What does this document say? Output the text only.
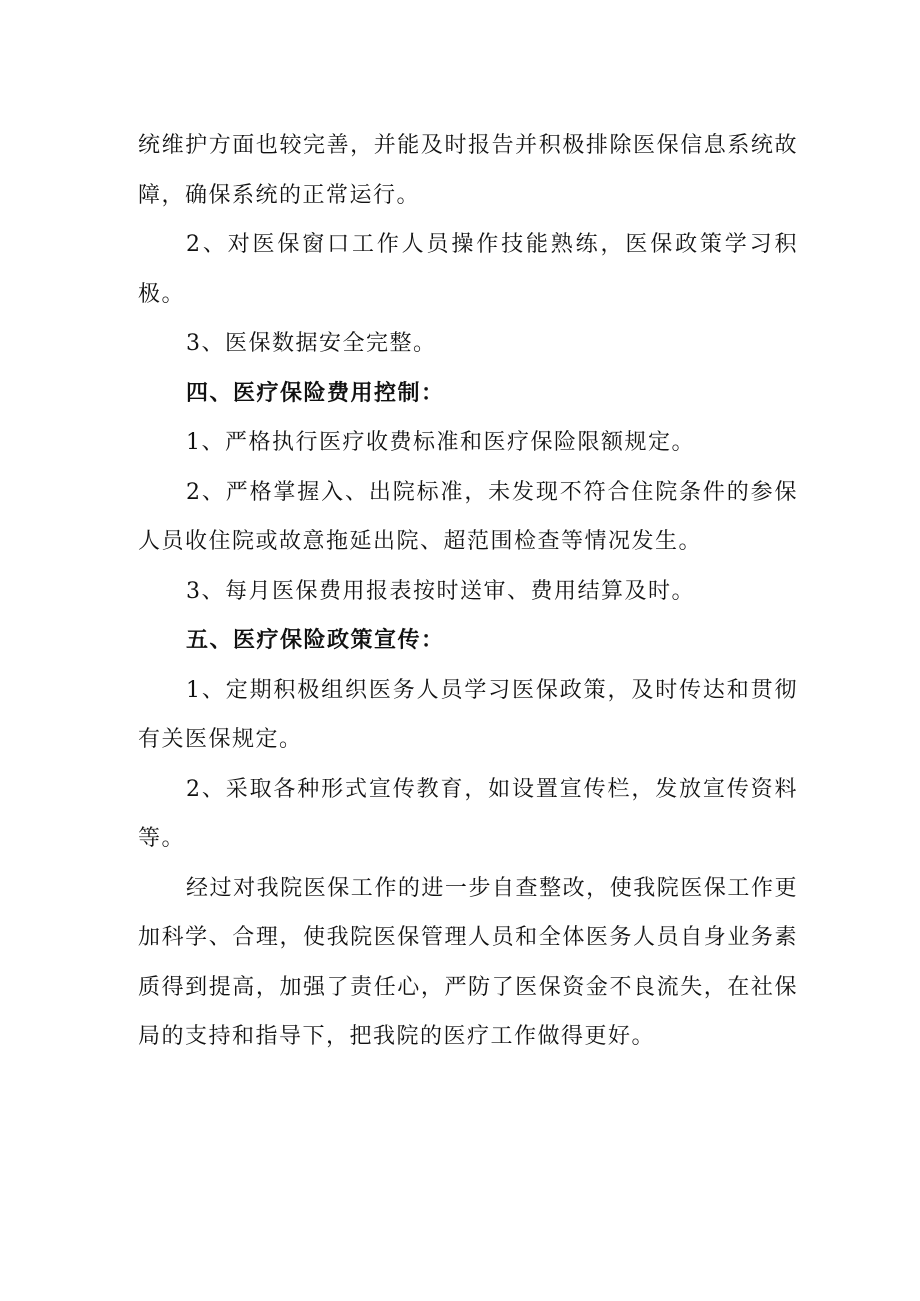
统维护方面也较完善，并能及时报告并积极排除医保信息系统故障，确保系统的正常运行。

2、对医保窗口工作人员操作技能熟练，医保政策学习积极。

3、医保数据安全完整。

四、医疗保险费用控制：

1、严格执行医疗收费标准和医疗保险限额规定。

2、严格掌握入、出院标准，未发现不符合住院条件的参保人员收住院或故意拖延出院、超范围检查等情况发生。

3、每月医保费用报表按时送审、费用结算及时。

五、医疗保险政策宣传：

1、定期积极组织医务人员学习医保政策，及时传达和贯彻有关医保规定。

2、采取各种形式宣传教育，如设置宣传栏，发放宣传资料等。

经过对我院医保工作的进一步自查整改，使我院医保工作更加科学、合理，使我院医保管理人员和全体医务人员自身业务素质得到提高，加强了责任心，严防了医保资金不良流失，在社保局的支持和指导下，把我院的医疗工作做得更好。
